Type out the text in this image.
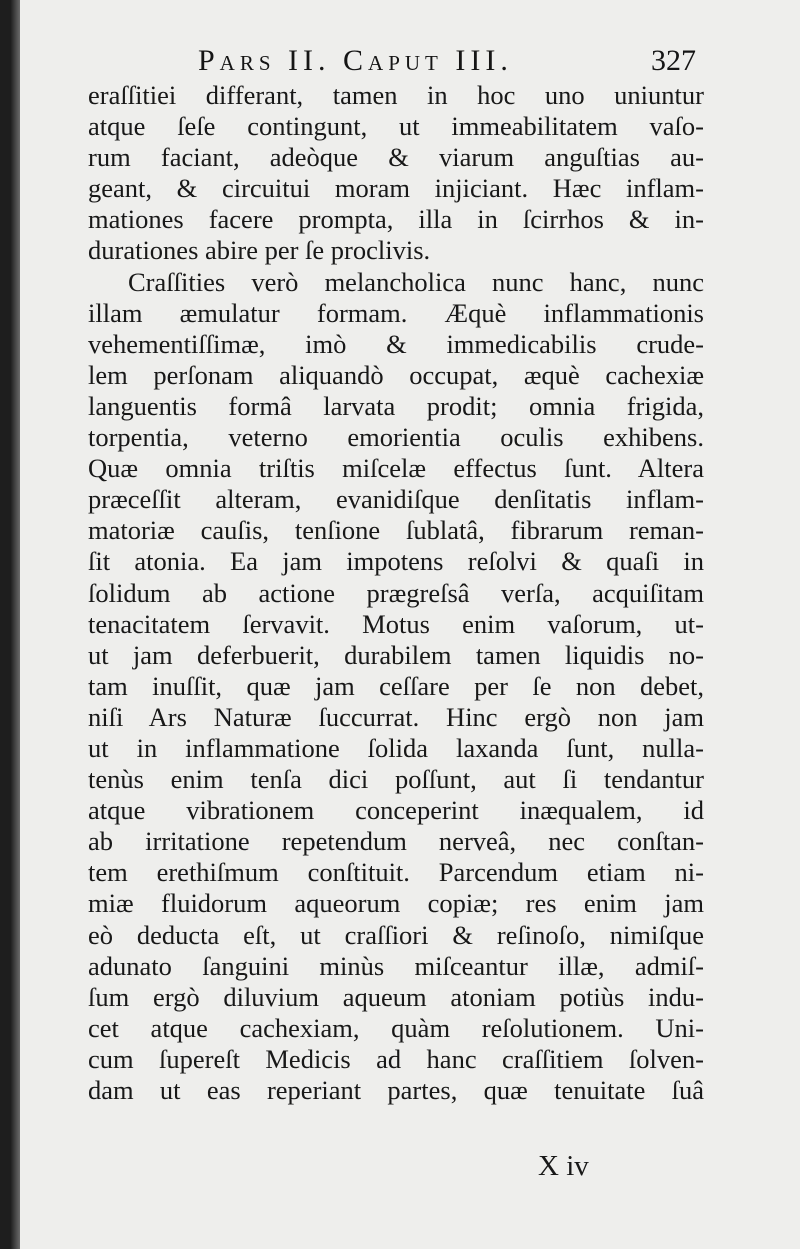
Pars II. Caput III.	327
eraſſitiei differant, tamen in hoc uno uniuntur
atque ſeſe contingunt, ut immeabilitatem vaſo-
rum faciant, adeòque & viarum anguſtias au-
geant, & circuitui moram injiciant. Hæc inflam-
mationes facere prompta, illa in ſcirrhos & in-
durationes abire per ſe proclivis.
Craſſities verò melancholica nunc hanc, nunc
illam æmulatur formam. Æquè inflammationis
vehementiſſimæ, imò & immedicabilis crude-
lem perſonam aliquandò occupat, æquè cachexiæ
languentis formâ larvata prodit; omnia frigida,
torpentia, veterno emorientia oculis exhibens.
Quæ omnia triſtis miſcelæ effectus ſunt. Altera
præceſſit alteram, evanidiſque denſitatis inflam-
matoriæ cauſis, tenſione ſublatâ, fibrarum reman-
ſit atonia. Ea jam impotens reſolvi & quaſi in
ſolidum ab actione prægreſsâ verſa, acquiſitam
tenacitatem ſervavit. Motus enim vaſorum, ut-
ut jam deferbuerit, durabilem tamen liquidis no-
tam inuſſit, quæ jam ceſſare per ſe non debet,
niſi Ars Naturæ ſuccurrat. Hinc ergò non jam
ut in inflammatione ſolida laxanda ſunt, nulla-
tenùs enim tenſa dici poſſunt, aut ſi tendantur
atque vibrationem conceperint inæqualem, id
ab irritatione repetendum nerveâ, nec conſtan-
tem erethiſmum conſtituit. Parcendum etiam ni-
miæ fluidorum aqueorum copiæ; res enim jam
eò deducta eſt, ut craſſiori & reſinoſo, nimiſque
adunato ſanguini minùs miſceantur illæ, admiſ-
ſum ergò diluvium aqueum atoniam potiùs indu-
cet atque cachexiam, quàm reſolutionem. Uni-
cum ſupereſt Medicis ad hanc craſſitiem ſolven-
dam ut eas reperiant partes, quæ tenuitate ſuâ
X iv
